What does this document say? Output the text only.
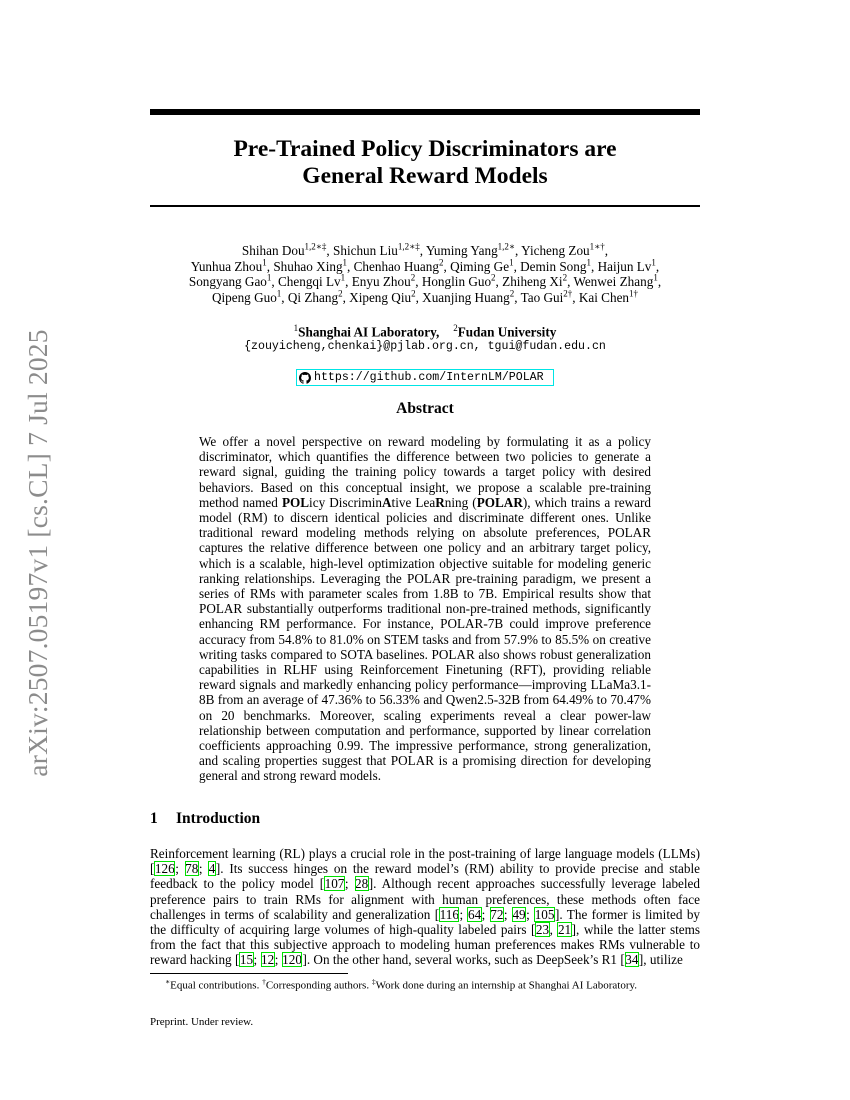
arXiv:2507.05197v1 [cs.CL] 7 Jul 2025
Pre-Trained Policy Discriminators are
General Reward Models
Shihan Dou$^{1,2∗\ddagger}$, Shichun Liu$^{1,2∗\ddagger}$, Yuming Yang$^{1,2∗}$, Yicheng Zou$^{1∗\dagger}$,
Yunhua Zhou$^1$, Shuhao Xing$^1$, Chenhao Huang$^2$, Qiming Ge$^1$, Demin Song$^1$, Haijun Lv$^1$,
Songyang Gao$^1$, Chengqi Lv$^1$, Enyu Zhou$^2$, Honglin Guo$^2$, Zhiheng Xi$^2$, Wenwei Zhang$^1$,
Qipeng Guo$^1$, Qi Zhang$^2$, Xipeng Qiu$^2$, Xuanjing Huang$^2$, Tao Gui$^{2\dagger}$, Kai Chen$^{1\dagger}$
$^1$Shanghai AI Laboratory, $^2$Fudan University
{zouyicheng,chenkai}@pjlab.org.cn, tgui@fudan.edu.cn
https://github.com/InternLM/POLAR
Abstract
We offer a novel perspective on reward modeling by formulating it as a policy discriminator, which quantifies the difference between two policies to generate a reward signal, guiding the training policy towards a target policy with desired behaviors. Based on this conceptual insight, we propose a scalable pre-training method named POLicy DiscriminAtive LeaRning (POLAR), which trains a reward model (RM) to discern identical policies and discriminate different ones. Unlike traditional reward modeling methods relying on absolute preferences, POLAR captures the relative difference between one policy and an arbitrary target policy, which is a scalable, high-level optimization objective suitable for modeling generic ranking relationships. Leveraging the POLAR pre-training paradigm, we present a series of RMs with parameter scales from 1.8B to 7B. Empirical results show that POLAR substantially outperforms traditional non-pre-trained methods, significantly enhancing RM performance. For instance, POLAR-7B could improve preference accuracy from 54.8% to 81.0% on STEM tasks and from 57.9% to 85.5% on creative writing tasks compared to SOTA baselines. POLAR also shows robust generalization capabilities in RLHF using Reinforcement Finetuning (RFT), providing reliable reward signals and markedly enhancing policy performance—improving LLaMa3.1-8B from an average of 47.36% to 56.33% and Qwen2.5-32B from 64.49% to 70.47% on 20 benchmarks. Moreover, scaling experiments reveal a clear power-law relationship between computation and performance, supported by linear correlation coefficients approaching 0.99. The impressive performance, strong generalization, and scaling properties suggest that POLAR is a promising direction for developing general and strong reward models.
1 Introduction
Reinforcement learning (RL) plays a crucial role in the post-training of large language models (LLMs) [126; 78; 4]. Its success hinges on the reward model’s (RM) ability to provide precise and stable feedback to the policy model [107; 28]. Although recent approaches successfully leverage labeled preference pairs to train RMs for alignment with human preferences, these methods often face challenges in terms of scalability and generalization [116; 64; 72; 49; 105]. The former is limited by the difficulty of acquiring large volumes of high-quality labeled pairs [23, 21], while the latter stems from the fact that this subjective approach to modeling human preferences makes RMs vulnerable to reward hacking [15; 12; 120]. On the other hand, several works, such as DeepSeek’s R1 [34], utilize
∗Equal contributions. †Corresponding authors. ‡Work done during an internship at Shanghai AI Laboratory.
Preprint. Under review.
